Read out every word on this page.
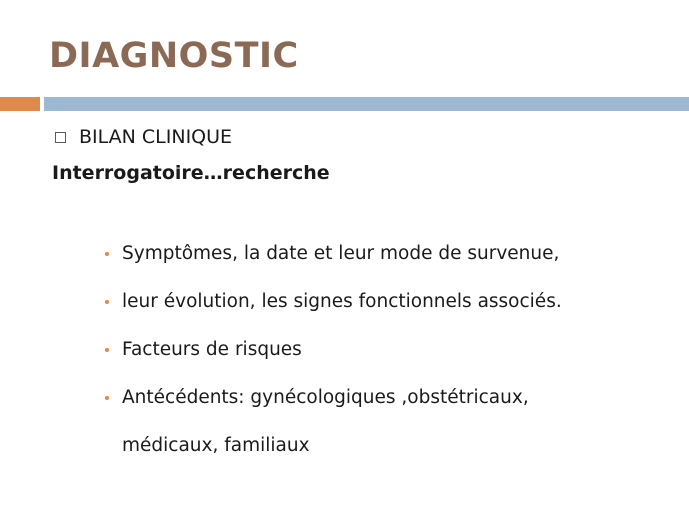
DIAGNOSTIC
BILAN CLINIQUE
Interrogatoire…recherche
Symptômes, la date et leur mode de survenue,
leur évolution, les signes fonctionnels associés.
Facteurs de risques
Antécédents: gynécologiques ,obstétricaux,
médicaux, familiaux
